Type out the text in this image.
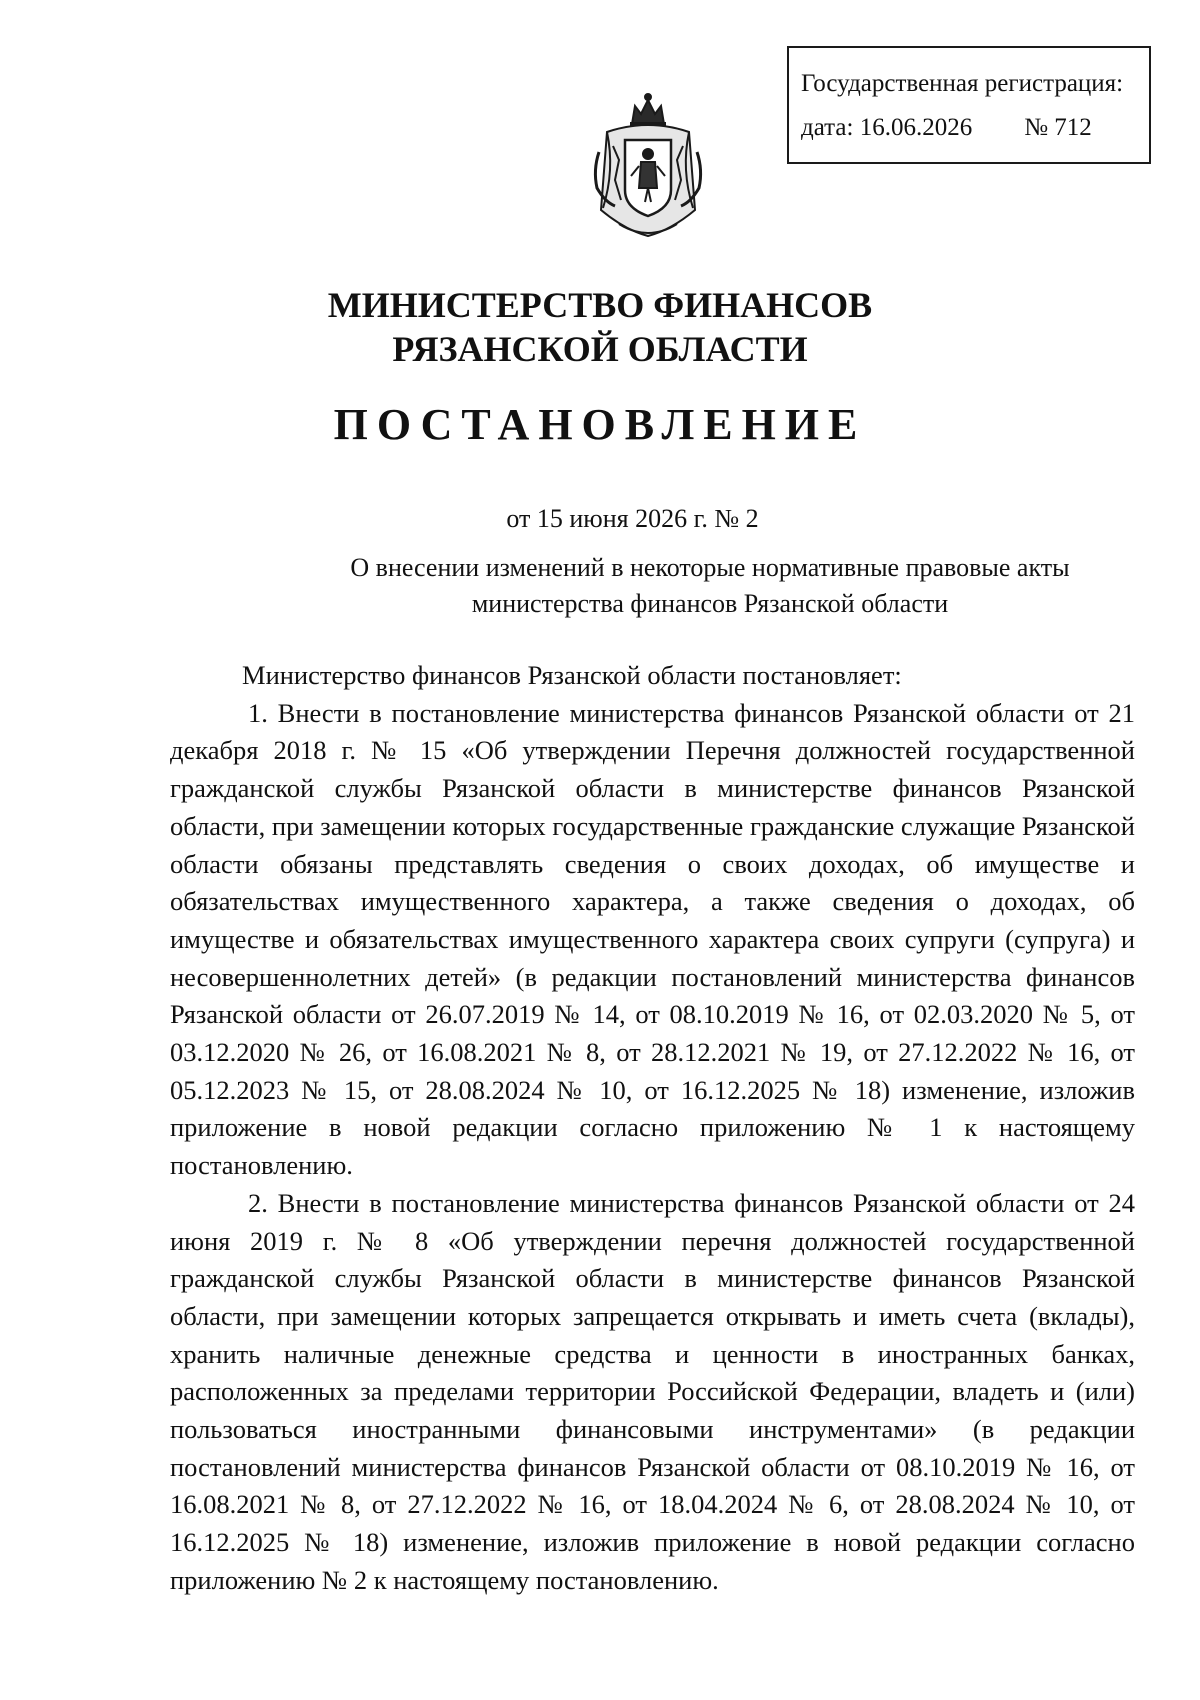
Государственная регистрация:
дата: 16.06.2026 № 712
МИНИСТЕРСТВО ФИНАНСОВ
РЯЗАНСКОЙ ОБЛАСТИ
ПОСТАНОВЛЕНИЕ
от 15 июня 2026 г. № 2
О внесении изменений в некоторые нормативные правовые акты
министерства финансов Рязанской области

Министерство финансов Рязанской области постановляет:

1. Внести в постановление министерства финансов Рязанской области от 21 декабря 2018 г. № 15 «Об утверждении Перечня должностей государственной гражданской службы Рязанской области в министерстве финансов Рязанской области, при замещении которых государственные гражданские служащие Рязанской области обязаны представлять сведения о своих доходах, об имуществе и обязательствах имущественного характера, а также сведения о доходах, об имуществе и обязательствах имущественного характера своих супруги (супруга) и несовершеннолетних детей» (в редакции постановлений министерства финансов Рязанской области от 26.07.2019 № 14, от 08.10.2019 № 16, от 02.03.2020 № 5, от 03.12.2020 № 26, от 16.08.2021 № 8, от 28.12.2021 № 19, от 27.12.2022 № 16, от 05.12.2023 № 15, от 28.08.2024 № 10, от 16.12.2025 № 18) изменение, изложив приложение в новой редакции согласно приложению № 1 к настоящему постановлению.

2. Внести в постановление министерства финансов Рязанской области от 24 июня 2019 г. № 8 «Об утверждении перечня должностей государственной гражданской службы Рязанской области в министерстве финансов Рязанской области, при замещении которых запрещается открывать и иметь счета (вклады), хранить наличные денежные средства и ценности в иностранных банках, расположенных за пределами территории Российской Федерации, владеть и (или) пользоваться иностранными финансовыми инструментами» (в редакции постановлений министерства финансов Рязанской области от 08.10.2019 № 16, от 16.08.2021 № 8, от 27.12.2022 № 16, от 18.04.2024 № 6, от 28.08.2024 № 10, от 16.12.2025 № 18) изменение, изложив приложение в новой редакции согласно приложению № 2 к настоящему постановлению.
